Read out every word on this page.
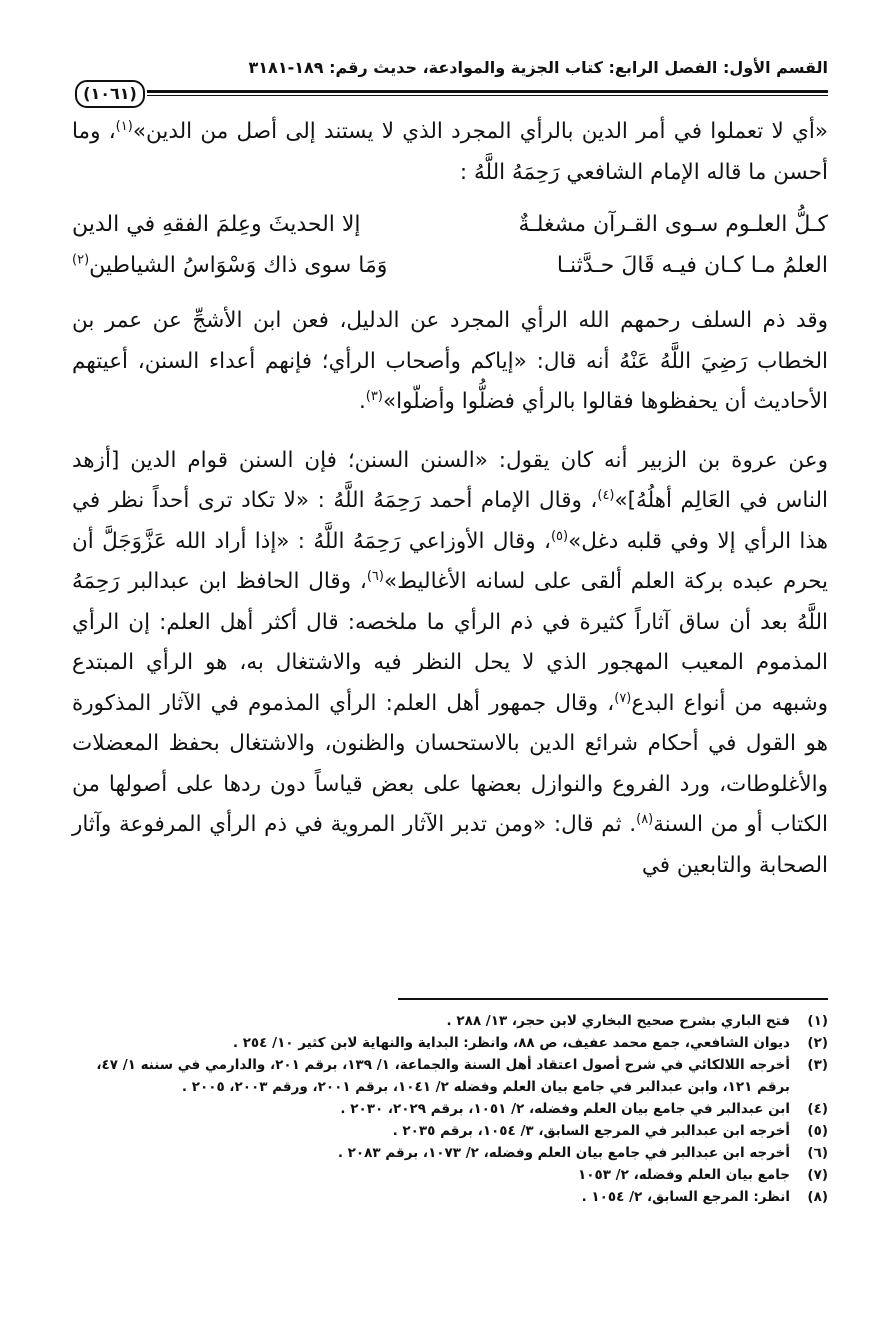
القسم الأول: الفصل الرابع: كتاب الجزية والموادعة، حديث رقم: ١٨٩-٣١٨١
(١٠٦١)
«أي لا تعملوا في أمر الدين بالرأي المجرد الذي لا يستند إلى أصل من الدين»$^{(١)}$، وما أحسن ما قاله الإمام الشافعي رَحِمَهُ اللَّهُ :
كـلُّ العلـوم سـوى القـرآن مشغلـةٌ
إلا الحديثَ وعِلمَ الفقهِ في الدين
العلمُ مـا كـان فيـه قَالَ حـدَّثنـا
وَمَا سوى ذاك وَسْوَاسُ الشياطين$^{(٢)}$
وقد ذم السلف رحمهم الله الرأي المجرد عن الدليل، فعن ابن الأشجِّ عن عمر بن الخطاب رَضِيَ اللَّهُ عَنْهُ أنه قال: «إياكم وأصحاب الرأي؛ فإنهم أعداء السنن، أعيتهم الأحاديث أن يحفظوها فقالوا بالرأي فضلُّوا وأضلّوا»$^{(٣)}$.
وعن عروة بن الزبير أنه كان يقول: «السنن السنن؛ فإن السنن قوام الدين [أزهد الناس في العَالِم أهلُهُ]»$^{(٤)}$، وقال الإمام أحمد رَحِمَهُ اللَّهُ : «لا تكاد ترى أحداً نظر في هذا الرأي إلا وفي قلبه دغل»$^{(٥)}$، وقال الأوزاعي رَحِمَهُ اللَّهُ : «إذا أراد الله عَزَّوَجَلَّ أن يحرم عبده بركة العلم ألقى على لسانه الأغاليط»$^{(٦)}$، وقال الحافظ ابن عبدالبر رَحِمَهُ اللَّهُ بعد أن ساق آثاراً كثيرة في ذم الرأي ما ملخصه: قال أكثر أهل العلم: إن الرأي المذموم المعيب المهجور الذي لا يحل النظر فيه والاشتغال به، هو الرأي المبتدع وشبهه من أنواع البدع$^{(٧)}$، وقال جمهور أهل العلم: الرأي المذموم في الآثار المذكورة هو القول في أحكام شرائع الدين بالاستحسان والظنون، والاشتغال بحفظ المعضلات والأغلوطات، ورد الفروع والنوازل بعضها على بعض قياساً دون ردها على أصولها من الكتاب أو من السنة$^{(٨)}$. ثم قال: «ومن تدبر الآثار المروية في ذم الرأي المرفوعة وآثار الصحابة والتابعين في
(١)
فتح الباري بشرح صحيح البخاري لابن حجر، ١٣/ ٢٨٨ .
(٢)
ديوان الشافعي، جمع محمد عفيف، ص ٨٨، وانظر: البداية والنهاية لابن كثير ١٠/ ٢٥٤ .
(٣)
أخرجه اللالكائي في شرح أصول اعتقاد أهل السنة والجماعة، ١/ ١٣٩، برقم ٢٠١، والدارمي في سننه ١/ ٤٧، برقم ١٢١، وابن عبدالبر في جامع بيان العلم وفضله ٢/ ١٠٤١، برقم ٢٠٠١، ورقم ٢٠٠٣، ٢٠٠٥ .
(٤)
ابن عبدالبر في جامع بيان العلم وفضله، ٢/ ١٠٥١، برقم ٢٠٢٩، ٢٠٣٠ .
(٥)
أخرجه ابن عبدالبر في المرجع السابق، ٣/ ١٠٥٤، برقم ٢٠٣٥ .
(٦)
أخرجه ابن عبدالبر في جامع بيان العلم وفضله، ٢/ ١٠٧٣، برقم ٢٠٨٣ .
(٧)
جامع بيان العلم وفضله، ٢/ ١٠٥٣
(٨)
انظر: المرجع السابق، ٢/ ١٠٥٤ .
